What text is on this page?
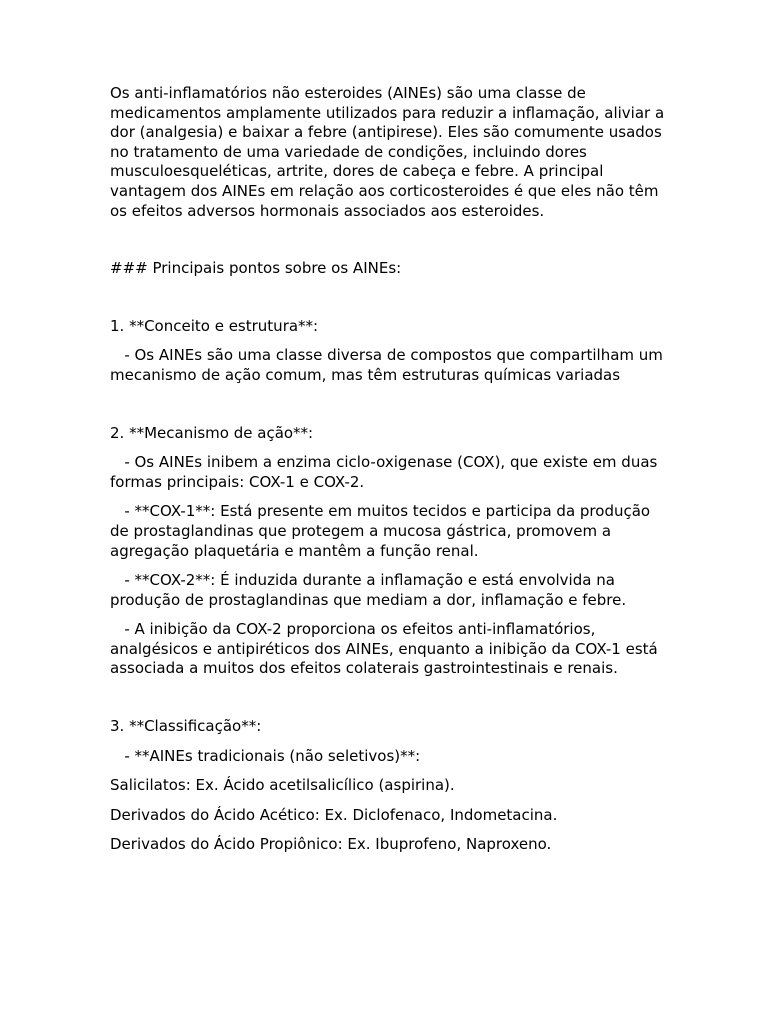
Os anti-inflamatórios não esteroides (AINEs) são uma classe de medicamentos amplamente utilizados para reduzir a inflamação, aliviar a dor (analgesia) e baixar a febre (antipirese). Eles são comumente usados no tratamento de uma variedade de condições, incluindo dores musculoesqueléticas, artrite, dores de cabeça e febre. A principal vantagem dos AINEs em relação aos corticosteroides é que eles não têm os efeitos adversos hormonais associados aos esteroides.

### Principais pontos sobre os AINEs:

1. **Conceito e estrutura**:

- Os AINEs são uma classe diversa de compostos que compartilham um mecanismo de ação comum, mas têm estruturas químicas variadas

2. **Mecanismo de ação**:

- Os AINEs inibem a enzima ciclo-oxigenase (COX), que existe em duas formas principais: COX-1 e COX-2.

- **COX-1**: Está presente em muitos tecidos e participa da produção de prostaglandinas que protegem a mucosa gástrica, promovem a agregação plaquetária e mantêm a função renal.

- **COX-2**: É induzida durante a inflamação e está envolvida na produção de prostaglandinas que mediam a dor, inflamação e febre.

- A inibição da COX-2 proporciona os efeitos anti-inflamatórios, analgésicos e antipiréticos dos AINEs, enquanto a inibição da COX-1 está associada a muitos dos efeitos colaterais gastrointestinais e renais.

3. **Classificação**:

- **AINEs tradicionais (não seletivos)**:

Salicilatos: Ex. Ácido acetilsalicílico (aspirina).

Derivados do Ácido Acético: Ex. Diclofenaco, Indometacina.

Derivados do Ácido Propiônico: Ex. Ibuprofeno, Naproxeno.
